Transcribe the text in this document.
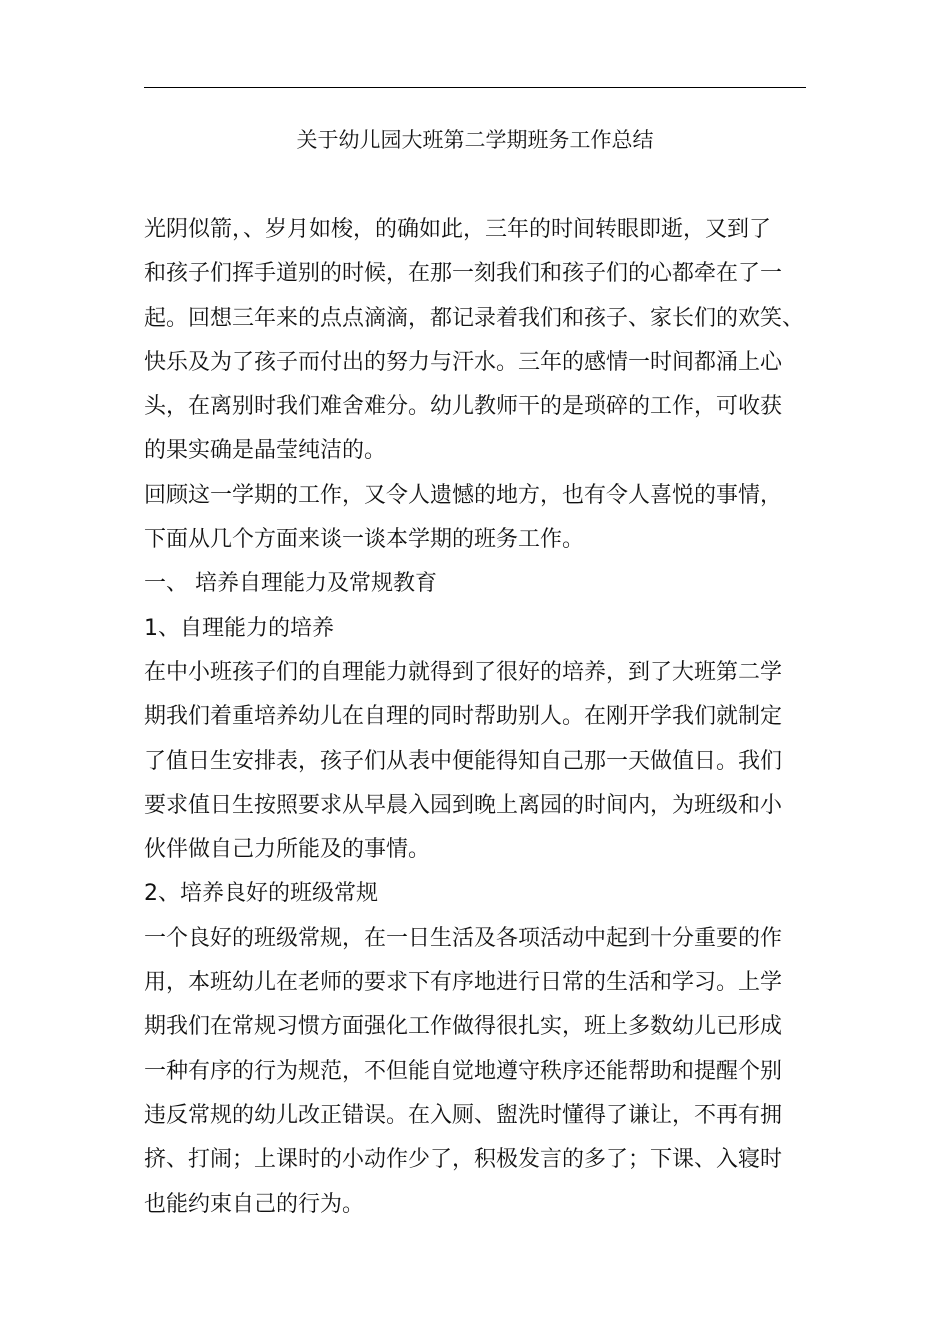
关于幼儿园大班第二学期班务工作总结
光阴似箭，、岁月如梭，的确如此，三年的时间转眼即逝，又到了
和孩子们挥手道别的时候，在那一刻我们和孩子们的心都牵在了一
起。回想三年来的点点滴滴，都记录着我们和孩子、家长们的欢笑、
快乐及为了孩子而付出的努力与汗水。三年的感情一时间都涌上心
头，在离别时我们难舍难分。幼儿教师干的是琐碎的工作，可收获
的果实确是晶莹纯洁的。
回顾这一学期的工作，又令人遗憾的地方，也有令人喜悦的事情，
下面从几个方面来谈一谈本学期的班务工作。
一、 培养自理能力及常规教育
1、自理能力的培养
在中小班孩子们的自理能力就得到了很好的培养，到了大班第二学
期我们着重培养幼儿在自理的同时帮助别人。在刚开学我们就制定
了值日生安排表，孩子们从表中便能得知自己那一天做值日。我们
要求值日生按照要求从早晨入园到晚上离园的时间内，为班级和小
伙伴做自己力所能及的事情。
2、培养良好的班级常规
一个良好的班级常规，在一日生活及各项活动中起到十分重要的作
用，本班幼儿在老师的要求下有序地进行日常的生活和学习。上学
期我们在常规习惯方面强化工作做得很扎实，班上多数幼儿已形成
一种有序的行为规范，不但能自觉地遵守秩序还能帮助和提醒个别
违反常规的幼儿改正错误。在入厕、盥洗时懂得了谦让，不再有拥
挤、打闹；上课时的小动作少了，积极发言的多了；下课、入寝时
也能约束自己的行为。
